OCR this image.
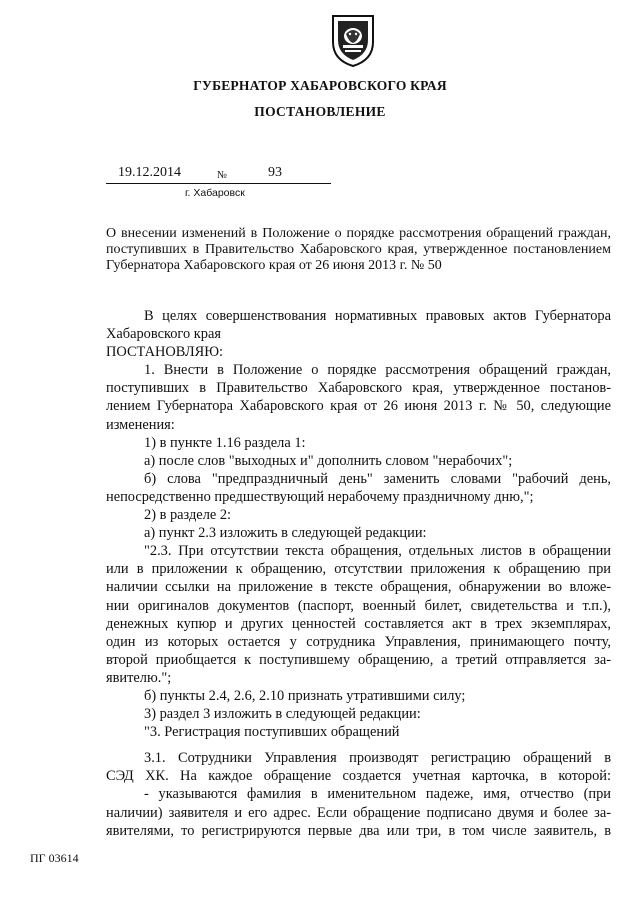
ГУБЕРНАТОР ХАБАРОВСКОГО КРАЯ
ПОСТАНОВЛЕНИЕ
19.12.2014	№	93
г. Хабаровск
О внесении изменений в Положение о порядке рассмотрения обращений граждан, поступивших в Правительство Хабаровского края, утвержденное постановлением Губернатора Хабаровского края от 26 июня 2013 г. № 50
В целях совершенствования нормативных правовых актов Губернатора
Хабаровского края
ПОСТАНОВЛЯЮ:
1. Внести в Положение о порядке рассмотрения обращений граждан,
поступивших в Правительство Хабаровского края, утвержденное постанов-
лением Губернатора Хабаровского края от 26 июня 2013 г. № 50, следующие
изменения:
1) в пункте 1.16 раздела 1:
а) после слов "выходных и" дополнить словом "нерабочих";
б) слова "предпраздничный день" заменить словами "рабочий день,
непосредственно предшествующий нерабочему праздничному дню,";
2) в разделе 2:
а) пункт 2.3 изложить в следующей редакции:
"2.3. При отсутствии текста обращения, отдельных листов в обращении
или в приложении к обращению, отсутствии приложения к обращению при
наличии ссылки на приложение в тексте обращения, обнаружении во вложе-
нии оригиналов документов (паспорт, военный билет, свидетельства и т.п.),
денежных купюр и других ценностей составляется акт в трех экземплярах,
один из которых остается у сотрудника Управления, принимающего почту,
второй приобщается к поступившему обращению, а третий отправляется за-
явителю.";
б) пункты 2.4, 2.6, 2.10 признать утратившими силу;
3) раздел 3 изложить в следующей редакции:
"3. Регистрация поступивших обращений
3.1. Сотрудники Управления производят регистрацию обращений в
СЭД ХК. На каждое обращение создается учетная карточка, в которой:
- указываются фамилия в именительном падеже, имя, отчество (при
наличии) заявителя и его адрес. Если обращение подписано двумя и более за-
явителями, то регистрируются первые два или три, в том числе заявитель, в
ПГ 03614
